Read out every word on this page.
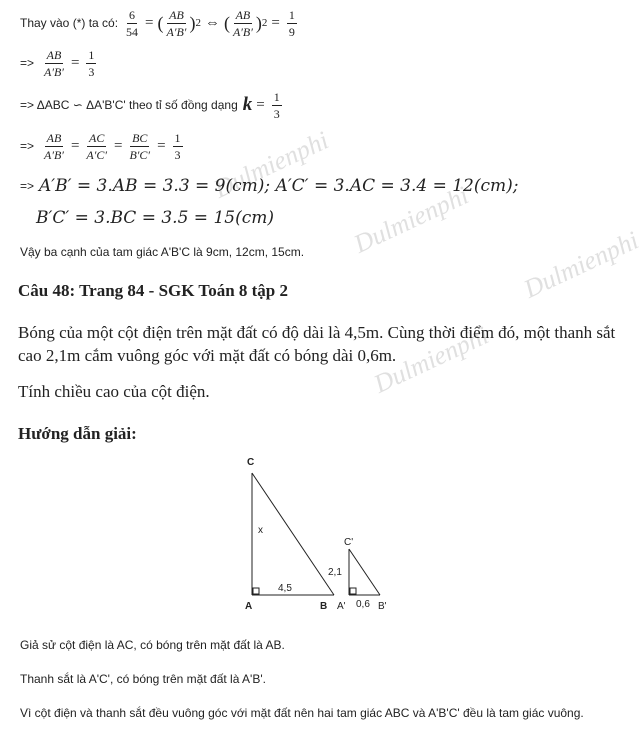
Dulmienphi
Dulmienphi
Dulmienphi
Dulmienphi
Thay vào (*) ta có: $\frac{6}{54}$ = ( $\frac{AB}{A'B'}$ ) 2 ⇔ ( $\frac{AB}{A'B'}$ ) $2 = \frac{1}{9}$
=> $\frac{AB}{A'B'} = \frac{1}{3}$
=> ΔABC ∽ ΔA'B'C' theo tỉ số đồng dạng $k = \frac{1}{3}$
=> $\frac{AB}{A'B'} = \frac{AC}{A'C'} = \frac{BC}{B'C'} = \frac{1}{3}$
=> A′B′ = 3.AB = 3.3 = 9(cm); A′C′ = 3.AC = 3.4 = 12(cm);
B′C′ = 3.BC = 3.5 = 15(cm)
Vậy ba cạnh của tam giác A'B'C là 9cm, 12cm, 15cm.
Câu 48: Trang 84 - SGK Toán 8 tập 2
Bóng của một cột điện trên mặt đất có độ dài là 4,5m. Cùng thời điểm đó, một thanh sắt cao 2,1m cắm vuông góc với mặt đất có bóng dài 0,6m.
Tính chiều cao của cột điện.
Hướng dẫn giải:
C
A	B
x
4,5
C'
A'	B'
2,1
0,6
Giả sử cột điện là AC, có bóng trên mặt đất là AB.
Thanh sắt là A'C', có bóng trên mặt đất là A'B'.
Vì cột điện và thanh sắt đều vuông góc với mặt đất nên hai tam giác ABC và A'B'C' đều là tam giác vuông.
